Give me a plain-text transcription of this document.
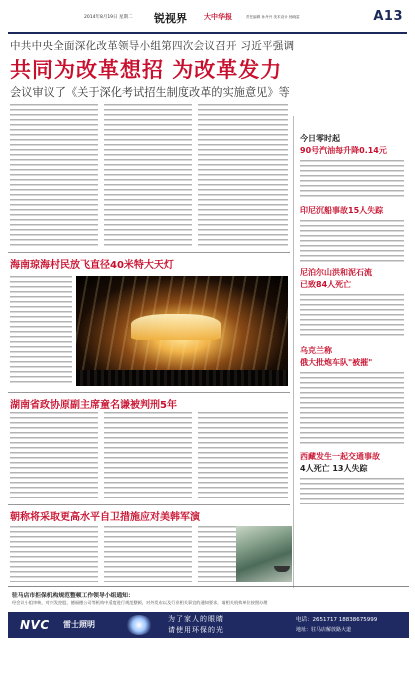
2014年8月19日 星期二 锐视界 大中华报	责任编辑 孙丹丹 美术设计 杨晓雷	A13
中共中央全面深化改革领导小组第四次会议召开 习近平强调
共同为改革想招 为改革发力
会议审议了《关于深化考试招生制度改革的实施意见》等
海南琼海村民放飞直径40米特大天灯
湖南省政协原副主席童名谦被判刑5年
朝称将采取更高水平自卫措施应对美韩军演
今日零时起
90号汽油每升降0.14元
印尼沉船事故15人失踪
尼泊尔山洪和泥石流
已致84人死亡
乌克兰称
俄大批炮车队"被摧"
西藏发生一起交通事故
4人死亡 13人失踪
驻马店市拒保机构规范整顿工作领导小组通知：
经会议小组审核，对兴发控股、德福德公司等机构中适度进行规范整顿，对外发布以及行业相关事宜的通知要求，请相关机构单位按照办理
NVC 雷士照明
为了家人的眼睛
请使用环保的光
电话：2651717 18838675999
地址：驻马店解放路大道
